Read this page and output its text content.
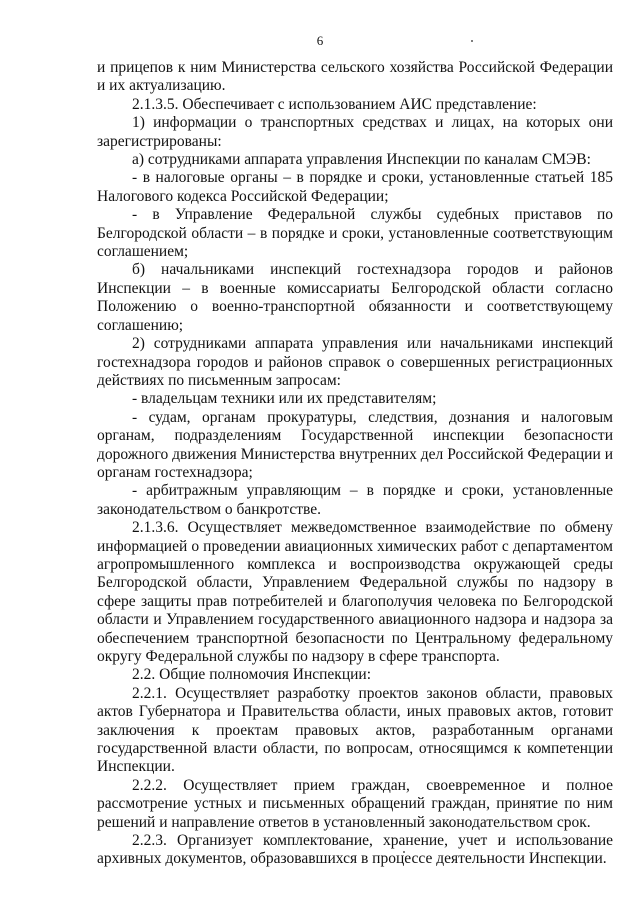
6

и прицепов к ним Министерства сельского хозяйства Российской Федерации и их актуализацию.

2.1.3.5. Обеспечивает с использованием АИС представление:

1) информации о транспортных средствах и лицах, на которых они зарегистрированы:

а) сотрудниками аппарата управления Инспекции по каналам СМЭВ:

- в налоговые органы – в порядке и сроки, установленные статьей 185 Налогового кодекса Российской Федерации;

- в Управление Федеральной службы судебных приставов по Белгородской области – в порядке и сроки, установленные соответствующим соглашением;

б) начальниками инспекций гостехнадзора городов и районов Инспекции – в военные комиссариаты Белгородской области согласно Положению о военно-транспортной обязанности и соответствующему соглашению;

2) сотрудниками аппарата управления или начальниками инспекций гостехнадзора городов и районов справок о совершенных регистрационных действиях по письменным запросам:

- владельцам техники или их представителям;

- судам, органам прокуратуры, следствия, дознания и налоговым органам, подразделениям Государственной инспекции безопасности дорожного движения Министерства внутренних дел Российской Федерации и органам гостехнадзора;

- арбитражным управляющим – в порядке и сроки, установленные законодательством о банкротстве.

2.1.3.6. Осуществляет межведомственное взаимодействие по обмену информацией о проведении авиационных химических работ с департаментом агропромышленного комплекса и воспроизводства окружающей среды Белгородской области, Управлением Федеральной службы по надзору в сфере защиты прав потребителей и благополучия человека по Белгородской области и Управлением государственного авиационного надзора и надзора за обеспечением транспортной безопасности по Центральному федеральному округу Федеральной службы по надзору в сфере транспорта.

2.2. Общие полномочия Инспекции:

2.2.1. Осуществляет разработку проектов законов области, правовых актов Губернатора и Правительства области, иных правовых актов, готовит заключения к проектам правовых актов, разработанным органами государственной власти области, по вопросам, относящимся к компетенции Инспекции.

2.2.2. Осуществляет прием граждан, своевременное и полное рассмотрение устных и письменных обращений граждан, принятие по ним решений и направление ответов в установленный законодательством срок.

2.2.3. Организует комплектование, хранение, учет и использование архивных документов, образовавшихся в процессе деятельности Инспекции.
